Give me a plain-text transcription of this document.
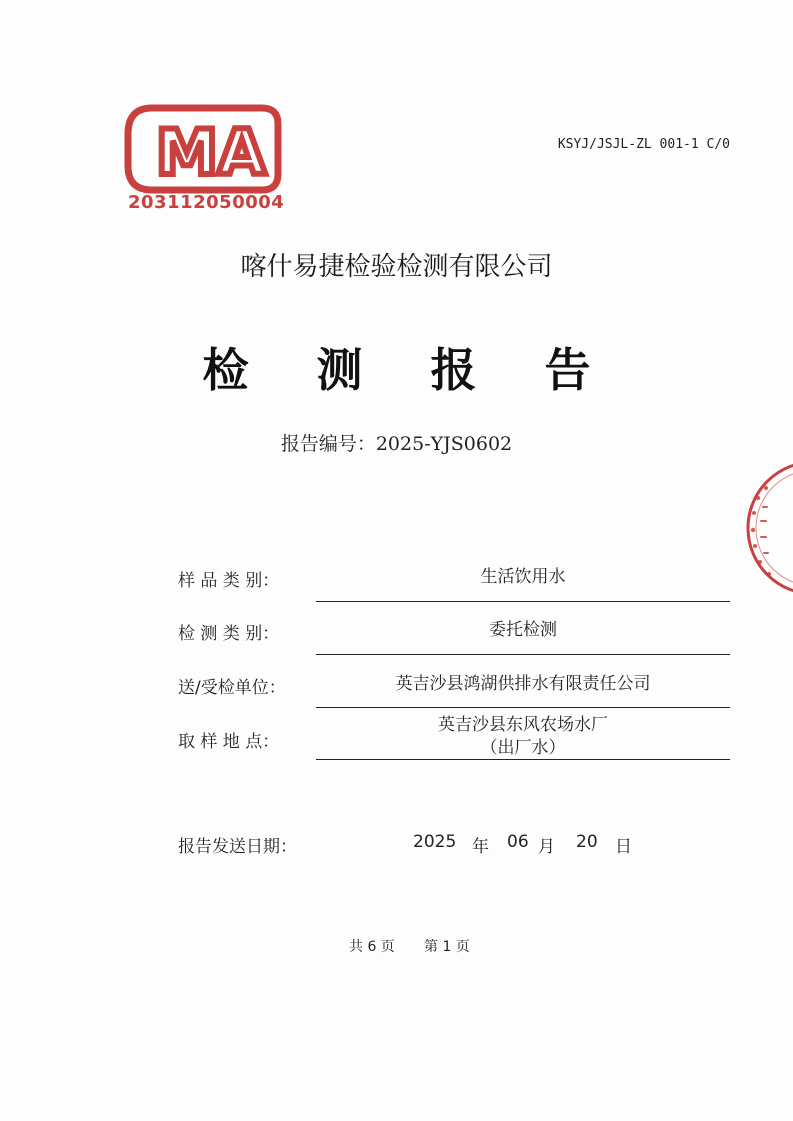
MA
203112050004
KSYJ/JSJL-ZL 001-1 C/0
喀什易捷检验检测有限公司
检 测 报 告
报告编号：2025-YJS0602
样 品 类 别：	生活饮用水
检 测 类 别：	委托检测
送/受检单位：	英吉沙县鸿湖供排水有限责任公司
取 样 地 点：
英吉沙县东风农场水厂
（出厂水）
报告发送日期：	2025 年 06 月 20 日
共 6 页 第 1 页
